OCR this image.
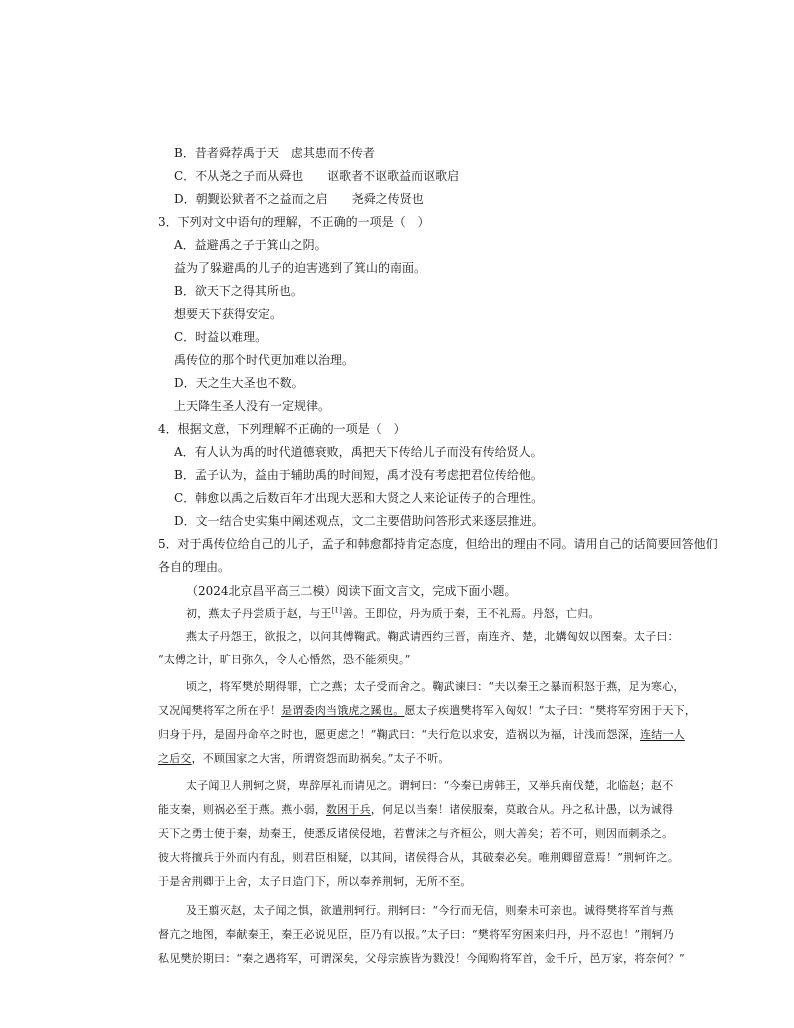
B．昔者舜荐禹于天　虑其患而不传者
C．不从尧之子而从舜也　　讴歌者不讴歌益而讴歌启
D．朝觐讼狱者不之益而之启　　尧舜之传贤也
3．下列对文中语句的理解，不正确的一项是（　）
A．益避禹之子于箕山之阴。
益为了躲避禹的儿子的迫害逃到了箕山的南面。
B．欲天下之得其所也。
想要天下获得安定。
C．时益以难理。
禹传位的那个时代更加难以治理。
D．天之生大圣也不数。
上天降生圣人没有一定规律。
4．根据文意，下列理解不正确的一项是（　）
A．有人认为禹的时代道德衰败，禹把天下传给儿子而没有传给贤人。
B．孟子认为，益由于辅助禹的时间短，禹才没有考虑把君位传给他。
C．韩愈以禹之后数百年才出现大恶和大贤之人来论证传子的合理性。
D．文一结合史实集中阐述观点，文二主要借助问答形式来逐层推进。
5．对于禹传位给自己的儿子，孟子和韩愈都持肯定态度，但给出的理由不同。请用自己的话简要回答他们
各自的理由。
（2024北京昌平高三二模）阅读下面文言文，完成下面小题。
初，燕太子丹尝质于赵，与王[1]善。王即位，丹为质于秦，王不礼焉。丹怒，亡归。
燕太子丹怨王，欲报之，以问其傅鞠武。鞠武请西约三晋，南连齐、楚，北媾匈奴以图秦。太子曰：
“太傅之计，旷日弥久，令人心惛然，恐不能须臾。”
顷之，将军樊於期得罪，亡之燕；太子受而舍之。鞠武谏曰：“夫以秦王之暴而积怒于燕，足为寒心，
又况闻樊将军之所在乎！是谓委肉当饿虎之蹊也。愿太子疾遣樊将军入匈奴！”太子曰：“樊将军穷困于天下，
归身于丹，是固丹命卒之时也，愿更虑之！”鞠武曰：“夫行危以求安，造祸以为福，计浅而怨深，连结一人
之后交，不顾国家之大害，所谓资怨而助祸矣。”太子不听。
太子闻卫人荆轲之贤，卑辞厚礼而请见之。谓轲曰：“今秦已虏韩王，又举兵南伐楚，北临赵；赵不
能支秦，则祸必至于燕。燕小弱，数困于兵，何足以当秦！诸侯服秦，莫敢合从。丹之私计愚，以为诚得
天下之勇士使于秦，劫秦王，使悉反诸侯侵地，若曹沫之与齐桓公，则大善矣；若不可，则因而刺杀之。
彼大将擅兵于外而内有乱，则君臣相疑，以其间，诸侯得合从，其破秦必矣。唯荆卿留意焉！”荆轲许之。
于是舍荆卿于上舍，太子日造门下，所以奉养荆轲，无所不至。
及王翦灭赵，太子闻之惧，欲遣荆轲行。荆轲曰：“今行而无信，则秦未可亲也。诚得樊将军首与燕
督亢之地图，奉献秦王，秦王必说见臣，臣乃有以报。”太子曰：“樊将军穷困来归丹，丹不忍也！”荆轲乃
私见樊於期曰：“秦之遇将军，可谓深矣，父母宗族皆为戮没！今闻购将军首，金千斤，邑万家，将奈何？”
